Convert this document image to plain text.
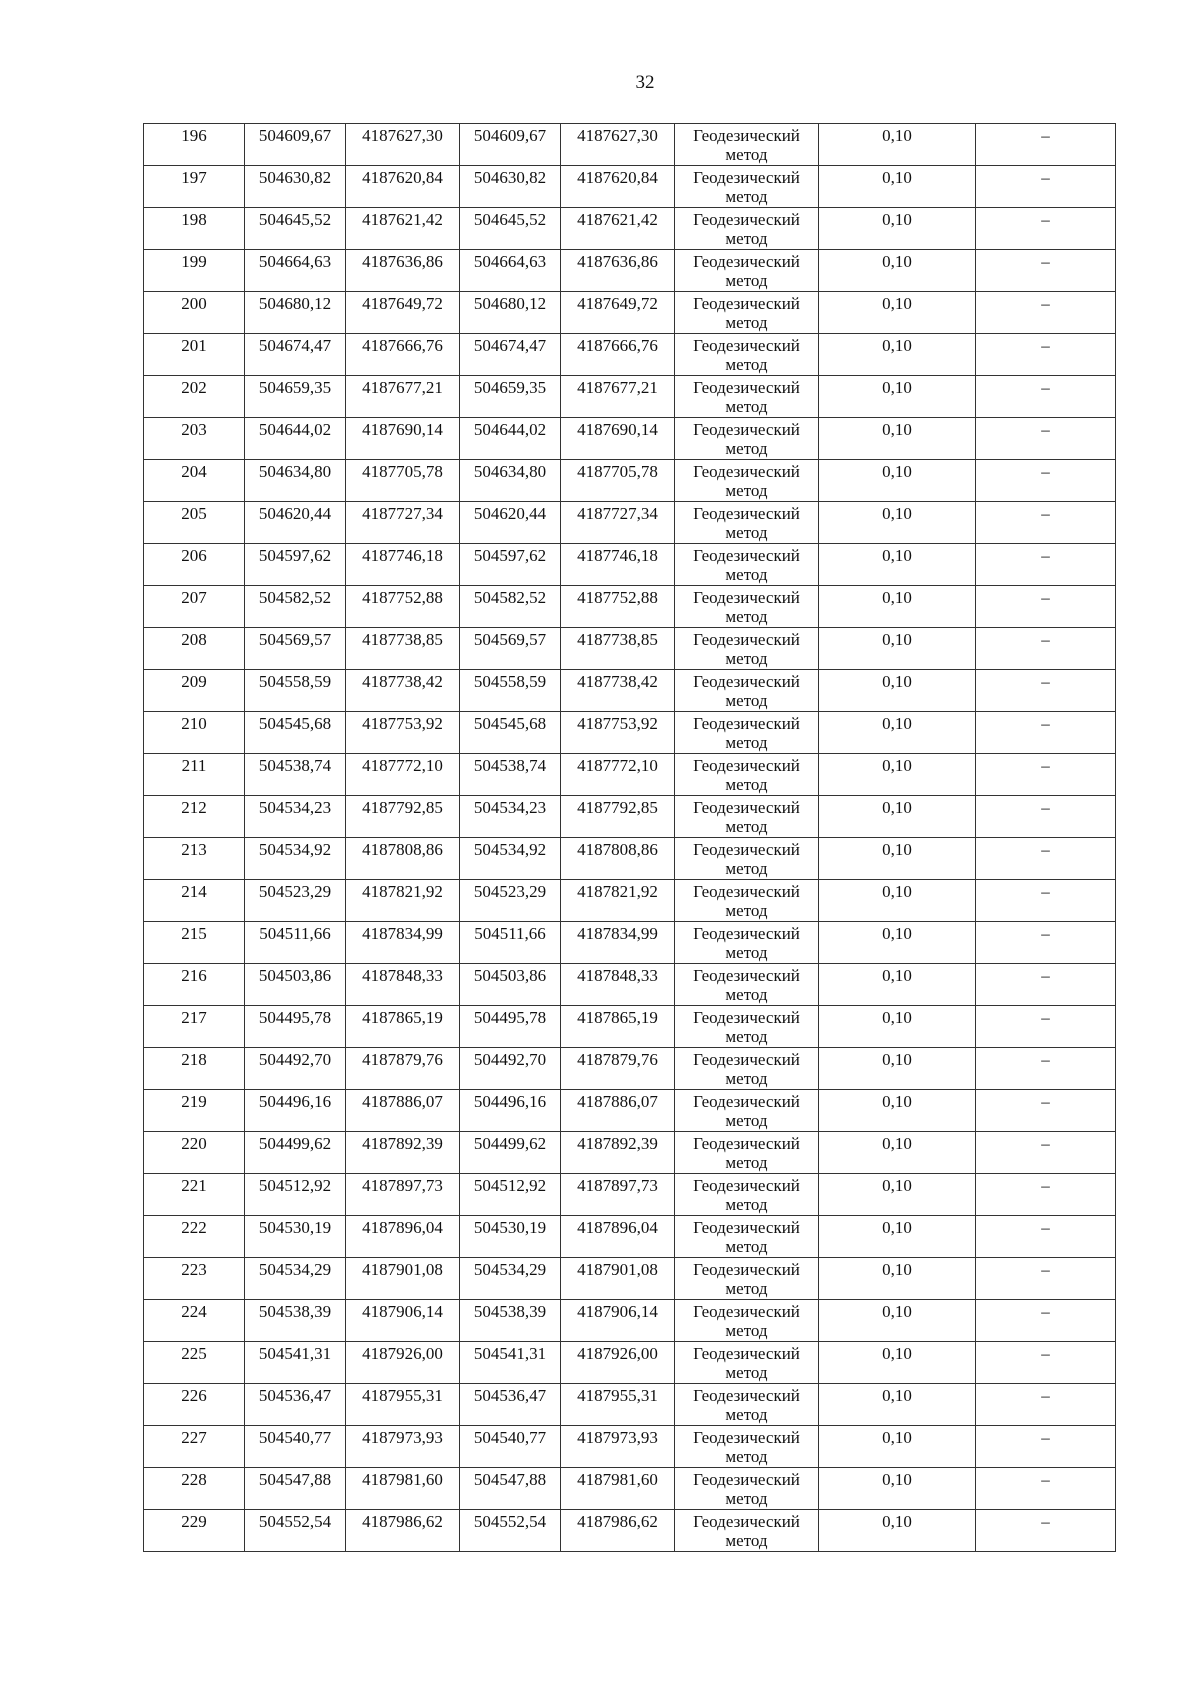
32
196	504609,67	4187627,30	504609,67	4187627,30	Геодезический
метод	0,10	–

197	504630,82	4187620,84	504630,82	4187620,84	Геодезический
метод	0,10	–

198	504645,52	4187621,42	504645,52	4187621,42	Геодезический
метод	0,10	–

199	504664,63	4187636,86	504664,63	4187636,86	Геодезический
метод	0,10	–

200	504680,12	4187649,72	504680,12	4187649,72	Геодезический
метод	0,10	–

201	504674,47	4187666,76	504674,47	4187666,76	Геодезический
метод	0,10	–

202	504659,35	4187677,21	504659,35	4187677,21	Геодезический
метод	0,10	–

203	504644,02	4187690,14	504644,02	4187690,14	Геодезический
метод	0,10	–

204	504634,80	4187705,78	504634,80	4187705,78	Геодезический
метод	0,10	–

205	504620,44	4187727,34	504620,44	4187727,34	Геодезический
метод	0,10	–

206	504597,62	4187746,18	504597,62	4187746,18	Геодезический
метод	0,10	–

207	504582,52	4187752,88	504582,52	4187752,88	Геодезический
метод	0,10	–

208	504569,57	4187738,85	504569,57	4187738,85	Геодезический
метод	0,10	–

209	504558,59	4187738,42	504558,59	4187738,42	Геодезический
метод	0,10	–

210	504545,68	4187753,92	504545,68	4187753,92	Геодезический
метод	0,10	–

211	504538,74	4187772,10	504538,74	4187772,10	Геодезический
метод	0,10	–

212	504534,23	4187792,85	504534,23	4187792,85	Геодезический
метод	0,10	–

213	504534,92	4187808,86	504534,92	4187808,86	Геодезический
метод	0,10	–

214	504523,29	4187821,92	504523,29	4187821,92	Геодезический
метод	0,10	–

215	504511,66	4187834,99	504511,66	4187834,99	Геодезический
метод	0,10	–

216	504503,86	4187848,33	504503,86	4187848,33	Геодезический
метод	0,10	–

217	504495,78	4187865,19	504495,78	4187865,19	Геодезический
метод	0,10	–

218	504492,70	4187879,76	504492,70	4187879,76	Геодезический
метод	0,10	–

219	504496,16	4187886,07	504496,16	4187886,07	Геодезический
метод	0,10	–

220	504499,62	4187892,39	504499,62	4187892,39	Геодезический
метод	0,10	–

221	504512,92	4187897,73	504512,92	4187897,73	Геодезический
метод	0,10	–

222	504530,19	4187896,04	504530,19	4187896,04	Геодезический
метод	0,10	–

223	504534,29	4187901,08	504534,29	4187901,08	Геодезический
метод	0,10	–

224	504538,39	4187906,14	504538,39	4187906,14	Геодезический
метод	0,10	–

225	504541,31	4187926,00	504541,31	4187926,00	Геодезический
метод	0,10	–

226	504536,47	4187955,31	504536,47	4187955,31	Геодезический
метод	0,10	–

227	504540,77	4187973,93	504540,77	4187973,93	Геодезический
метод	0,10	–

228	504547,88	4187981,60	504547,88	4187981,60	Геодезический
метод	0,10	–

229	504552,54	4187986,62	504552,54	4187986,62	Геодезический
метод	0,10	–
